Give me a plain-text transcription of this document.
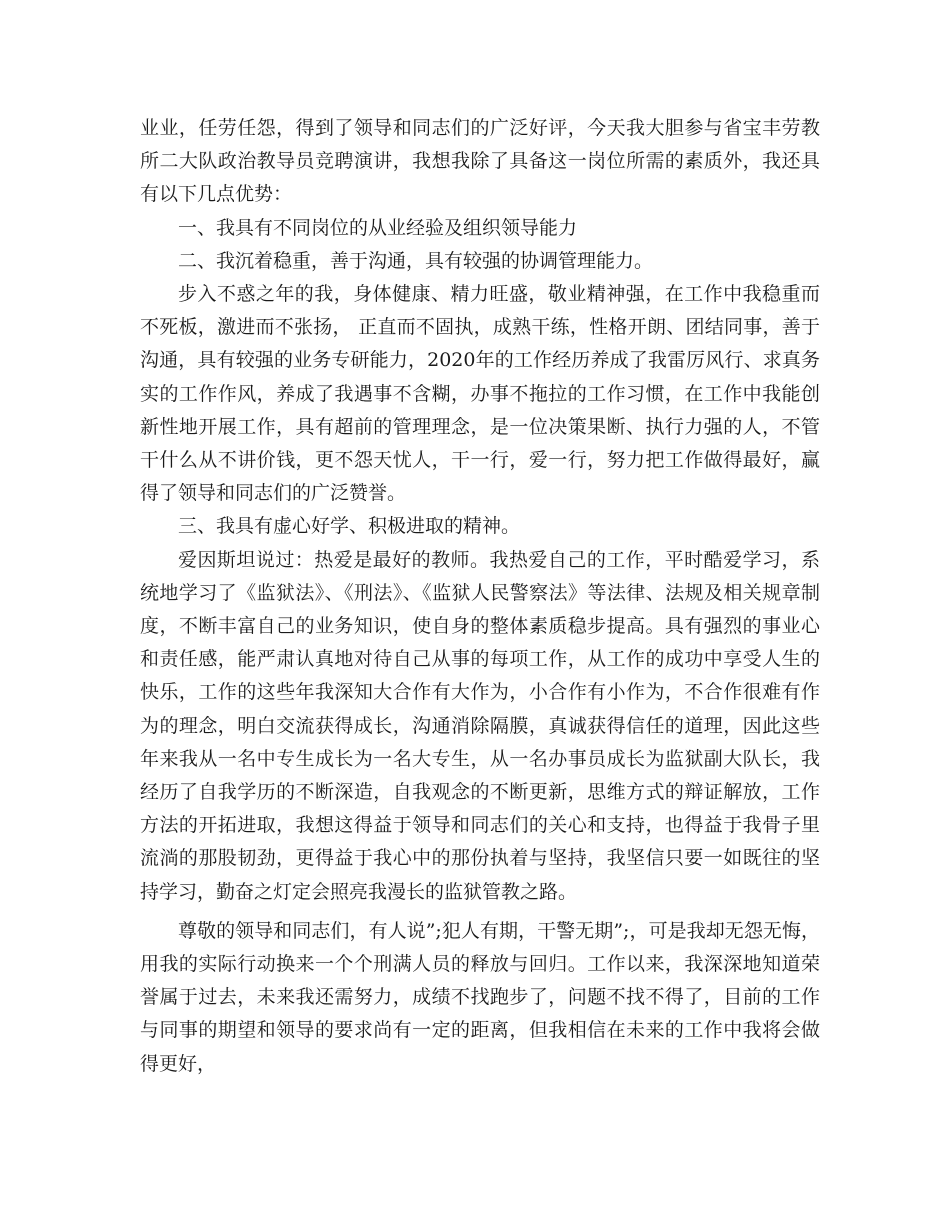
业业，任劳任怨，得到了领导和同志们的广泛好评，今天我大胆参与省宝丰劳教所二大队政治教导员竞聘演讲，我想我除了具备这一岗位所需的素质外，我还具有以下几点优势：

一、我具有不同岗位的从业经验及组织领导能力

二、我沉着稳重，善于沟通，具有较强的协调管理能力。

步入不惑之年的我，身体健康、精力旺盛，敬业精神强，在工作中我稳重而不死板，激进而不张扬， 正直而不固执，成熟干练，性格开朗、团结同事，善于沟通，具有较强的业务专研能力，2020年的工作经历养成了我雷厉风行、求真务实的工作作风，养成了我遇事不含糊，办事不拖拉的工作习惯，在工作中我能创新性地开展工作，具有超前的管理理念，是一位决策果断、执行力强的人，不管干什么从不讲价钱，更不怨天忧人，干一行，爱一行，努力把工作做得最好，赢得了领导和同志们的广泛赞誉。

三、我具有虚心好学、积极进取的精神。

爱因斯坦说过：热爱是最好的教师。我热爱自己的工作，平时酷爱学习，系统地学习了《监狱法》、《刑法》、《监狱人民警察法》等法律、法规及相关规章制度，不断丰富自己的业务知识，使自身的整体素质稳步提高。具有强烈的事业心和责任感，能严肃认真地对待自己从事的每项工作，从工作的成功中享受人生的快乐，工作的这些年我深知大合作有大作为，小合作有小作为，不合作很难有作为的理念，明白交流获得成长，沟通消除隔膜，真诚获得信任的道理，因此这些年来我从一名中专生成长为一名大专生，从一名办事员成长为监狱副大队长，我经历了自我学历的不断深造，自我观念的不断更新，思维方式的辩证解放，工作方法的开拓进取，我想这得益于领导和同志们的关心和支持，也得益于我骨子里流淌的那股韧劲，更得益于我心中的那份执着与坚持，我坚信只要一如既往的坚持学习，勤奋之灯定会照亮我漫长的监狱管教之路。

尊敬的领导和同志们，有人说”;犯人有期，干警无期”;，可是我却无怨无悔，用我的实际行动换来一个个刑满人员的释放与回归。工作以来，我深深地知道荣誉属于过去，未来我还需努力，成绩不找跑步了，问题不找不得了，目前的工作与同事的期望和领导的要求尚有一定的距离，但我相信在未来的工作中我将会做得更好，
